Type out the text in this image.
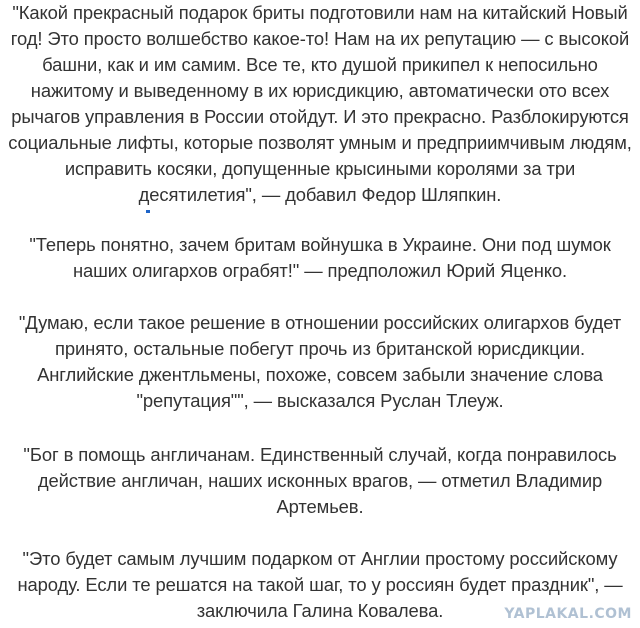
"Какой прекрасный подарок бриты подготовили нам на китайский Новый
год! Это просто волшебство какое-то! Нам на их репутацию — с высокой
башни, как и им самим. Все те, кто душой прикипел к непосильно
нажитому и выведенному в их юрисдикцию, автоматически ото всех
рычагов управления в России отойдут. И это прекрасно. Разблокируются
социальные лифты, которые позволят умным и предприимчивым людям,
исправить косяки, допущенные крысиными королями за три
десятилетия", — добавил Федор Шляпкин.

"Теперь понятно, зачем бритам войнушка в Украине. Они под шумок
наших олигархов ограбят!" — предположил Юрий Яценко.

"Думаю, если такое решение в отношении российских олигархов будет
принято, остальные побегут прочь из британской юрисдикции.
Английские джентльмены, похоже, совсем забыли значение слова
"репутация"", — высказался Руслан Тлеуж.

"Бог в помощь англичанам. Единственный случай, когда понравилось
действие англичан, наших исконных врагов, — отметил Владимир
Артемьев.

"Это будет самым лучшим подарком от Англии простому российскому
народу. Если те решатся на такой шаг, то у россиян будет праздник", —
заключила Галина Ковалева.	YAPLAKAL.COM
